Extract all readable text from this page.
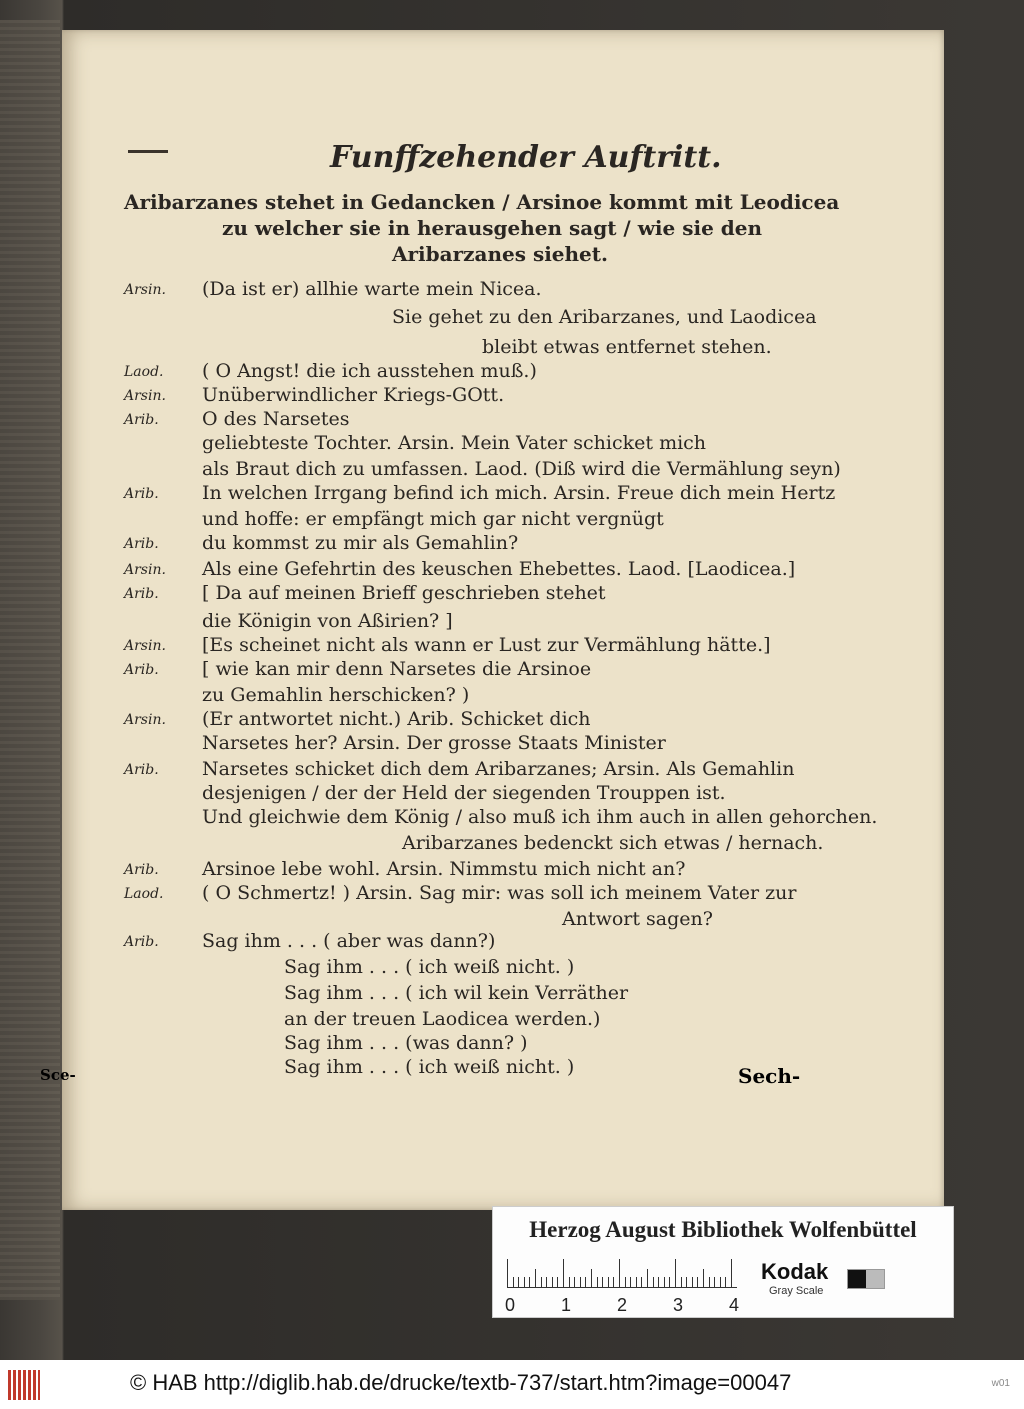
Funffzehender Auftritt.
Aribarzanes stehet in Gedancken / Arsinoe kommt mit Leodicea
zu welcher sie in herausgehen sagt / wie sie den
Aribarzanes siehet.
Arsin. (Da ist er) allhie warte mein Nicea.
Sie gehet zu den Aribarzanes, und Laodicea
bleibt etwas entfernet stehen.
Laod. ( O Angst! die ich ausstehen muß.)
Arsin. Unüberwindlicher Kriegs-GOtt.
Arib. O des Narsetes
geliebteste Tochter. Arsin. Mein Vater schicket mich
als Braut dich zu umfassen. Laod. (Diß wird die Vermählung seyn)
Arib. In welchen Irrgang befind ich mich. Arsin. Freue dich mein Hertz
und hoffe: er empfängt mich gar nicht vergnügt
Arib. du kommst zu mir als Gemahlin?
Arsin. Als eine Gefehrtin des keuschen Ehebettes. Laod. [Laodicea.]
Arib. [ Da auf meinen Brieff geschrieben stehet
die Königin von Aßirien? ]
Arsin. [Es scheinet nicht als wann er Lust zur Vermählung hätte.]
Arib. [ wie kan mir denn Narsetes die Arsinoe
zu Gemahlin herschicken? )
Arsin. (Er antwortet nicht.) Arib. Schicket dich
Narsetes her? Arsin. Der grosse Staats Minister
Arib. Narsetes schicket dich dem Aribarzanes; Arsin. Als Gemahlin
desjenigen / der der Held der siegenden Trouppen ist.
Und gleichwie dem König / also muß ich ihm auch in allen gehorchen.
Aribarzanes bedenckt sich etwas / hernach.
Arib. Arsinoe lebe wohl. Arsin. Nimmstu mich nicht an?
Laod. ( O Schmertz! ) Arsin. Sag mir: was soll ich meinem Vater zur
Antwort sagen?
Arib. Sag ihm . . . ( aber was dann?)
Sag ihm . . . ( ich weiß nicht. )
Sag ihm . . . ( ich wil kein Verräther
an der treuen Laodicea werden.)
Sag ihm . . . (was dann? )
Sag ihm . . . ( ich weiß nicht. )	Sech-
Sce-
Herzog August Bibliothek Wolfenbüttel
0	1	2	3	4
Kodak
Gray Scale
© HAB http://diglib.hab.de/drucke/textb-737/start.htm?image=00047	w01
